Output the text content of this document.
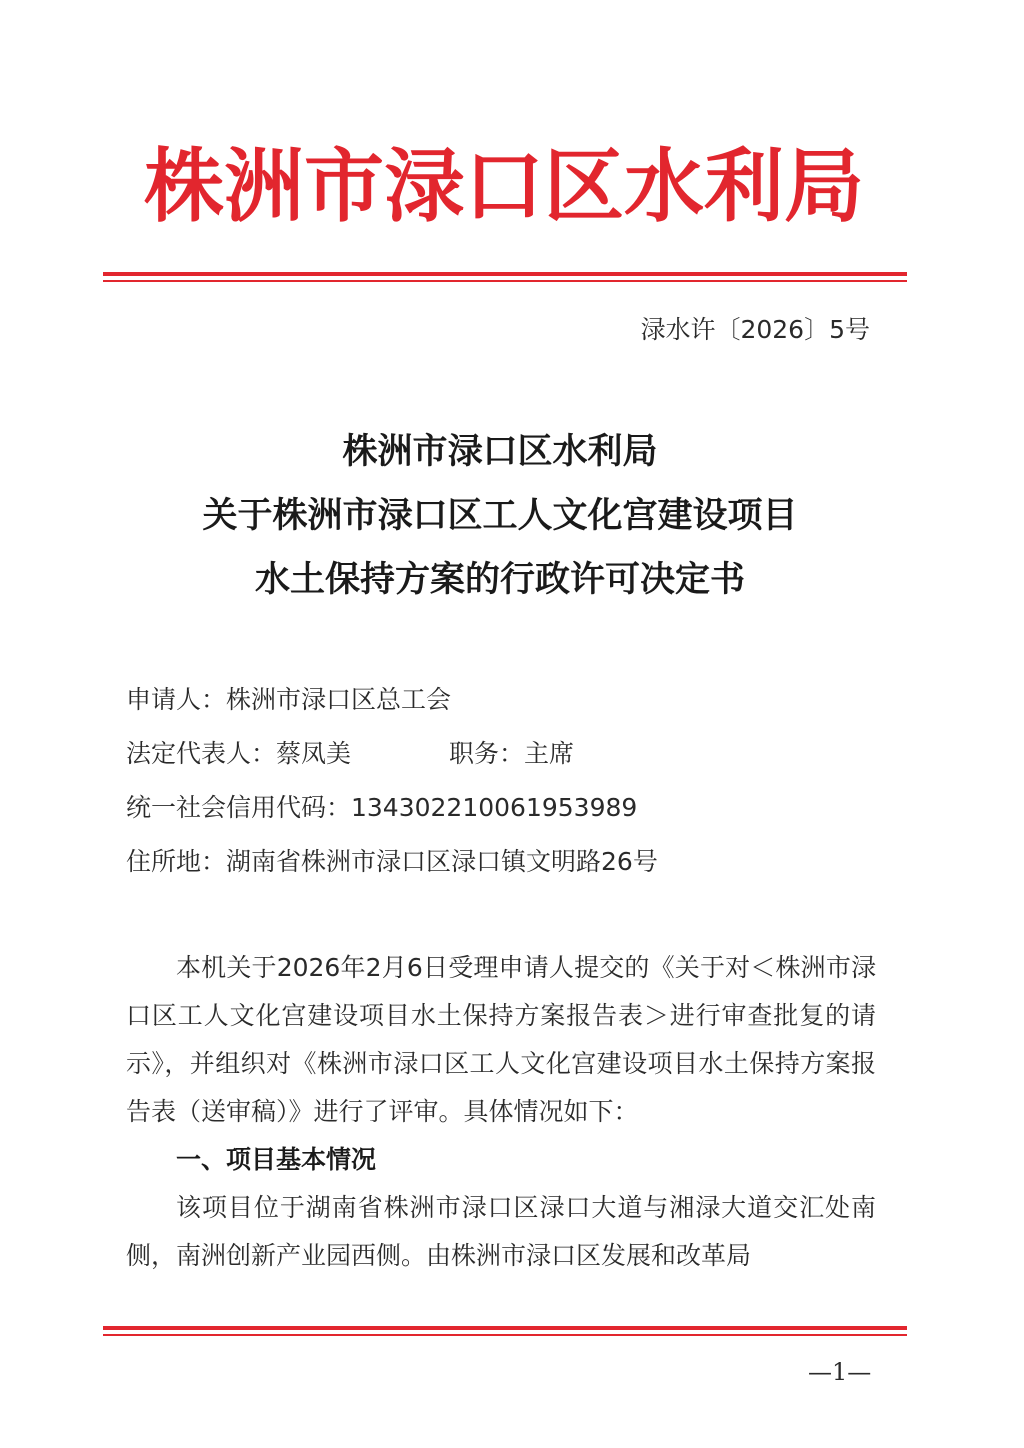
株洲市渌口区水利局
渌水许〔2026〕5号
株洲市渌口区水利局
关于株洲市渌口区工人文化宫建设项目
水土保持方案的行政许可决定书
申请人：株洲市渌口区总工会
法定代表人：蔡凤美	职务：主席
统一社会信用代码：134302210061953989
住所地：湖南省株洲市渌口区渌口镇文明路26号

本机关于2026年2月6日受理申请人提交的《关于对＜株洲市渌口区工人文化宫建设项目水土保持方案报告表＞进行审查批复的请示》，并组织对《株洲市渌口区工人文化宫建设项目水土保持方案报告表（送审稿）》进行了评审。具体情况如下：

一、项目基本情况

该项目位于湖南省株洲市渌口区渌口大道与湘渌大道交汇处南侧，南洲创新产业园西侧。由株洲市渌口区发展和改革局

—1—
